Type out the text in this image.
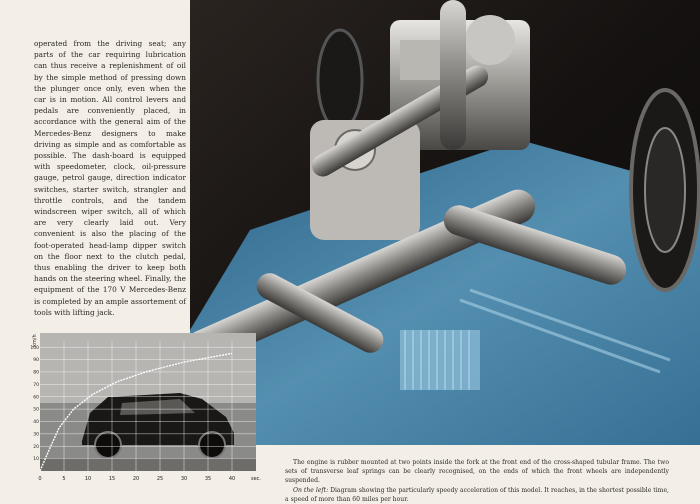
operated from the driving seat; any parts of the car requiring lubrication can thus receive a replenishment of oil by the simple method of pressing down the plunger once only, even when the car is in motion. All control levers and pedals are conveniently placed, in accordance with the general aim of the Mercedes-Benz designers to make driving as simple and as comfortable as possible. The dash-board is equipped with speedometer, clock, oil-pressure gauge, petrol gauge, direction indicator switches, starter switch, strangler and throttle controls, and the tandem windscreen wiper switch, all of which are very clearly laid out. Very convenient is also the placing of the foot-operated head-lamp dipper switch on the floor next to the clutch pedal, thus enabling the driver to keep both hands on the steering wheel. Finally, the equipment of the 170 V Mercedes-Benz is completed by an ample assortement of tools with lifting jack.

10
20
30
40
50
60
70
80
90
100
0	5	10	15	20	25	30	35	40	sec.
km/h

The engine is rubber mounted at two points inside the fork at the front end of the cross-shaped tubular frame. The two sets of transverse leaf springs can be clearly recognised, on the ends of which the front wheels are independently suspended.

On the left: Diagram showing the particularly speedy acceleration of this model. It reaches, in the shortest possible time, a speed of more than 60 miles per hour.
